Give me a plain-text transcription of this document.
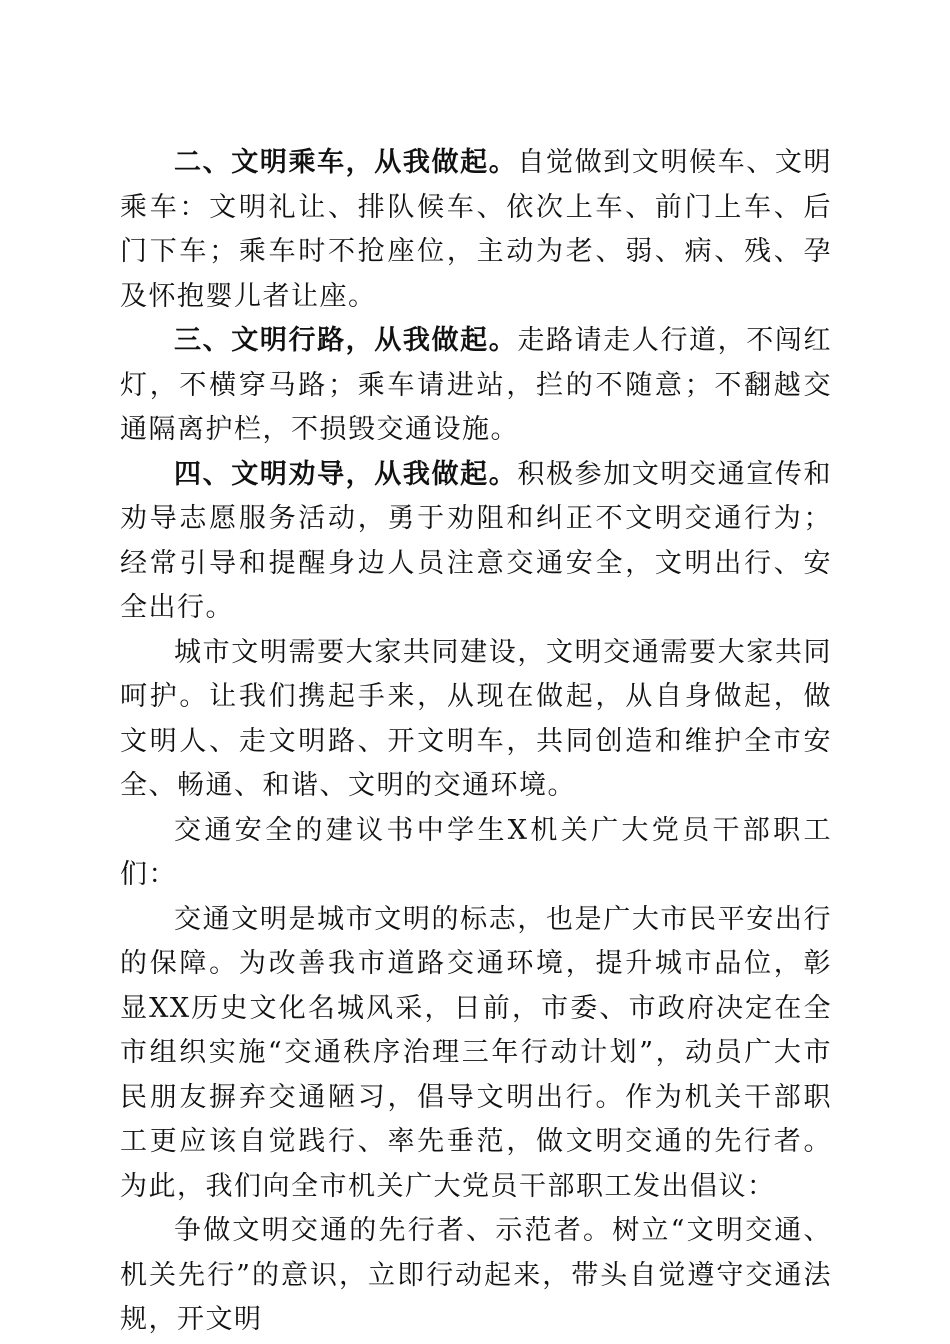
二、文明乘车，从我做起。自觉做到文明候车、文明乘车：文明礼让、排队候车、依次上车、前门上车、后门下车；乘车时不抢座位，主动为老、弱、病、残、孕及怀抱婴儿者让座。

三、文明行路，从我做起。走路请走人行道，不闯红灯，不横穿马路；乘车请进站，拦的不随意；不翻越交通隔离护栏，不损毁交通设施。

四、文明劝导，从我做起。积极参加文明交通宣传和劝导志愿服务活动，勇于劝阻和纠正不文明交通行为；经常引导和提醒身边人员注意交通安全，文明出行、安全出行。

城市文明需要大家共同建设，文明交通需要大家共同呵护。让我们携起手来，从现在做起，从自身做起，做文明人、走文明路、开文明车，共同创造和维护全市安全、畅通、和谐、文明的交通环境。

交通安全的建议书中学生X机关广大党员干部职工们：

交通文明是城市文明的标志，也是广大市民平安出行的保障。为改善我市道路交通环境，提升城市品位，彰显XX历史文化名城风采，日前，市委、市政府决定在全市组织实施“交通秩序治理三年行动计划”，动员广大市民朋友摒弃交通陋习，倡导文明出行。作为机关干部职工更应该自觉践行、率先垂范，做文明交通的先行者。为此，我们向全市机关广大党员干部职工发出倡议：

争做文明交通的先行者、示范者。树立“文明交通、机关先行”的意识，立即行动起来，带头自觉遵守交通法规，开文明
